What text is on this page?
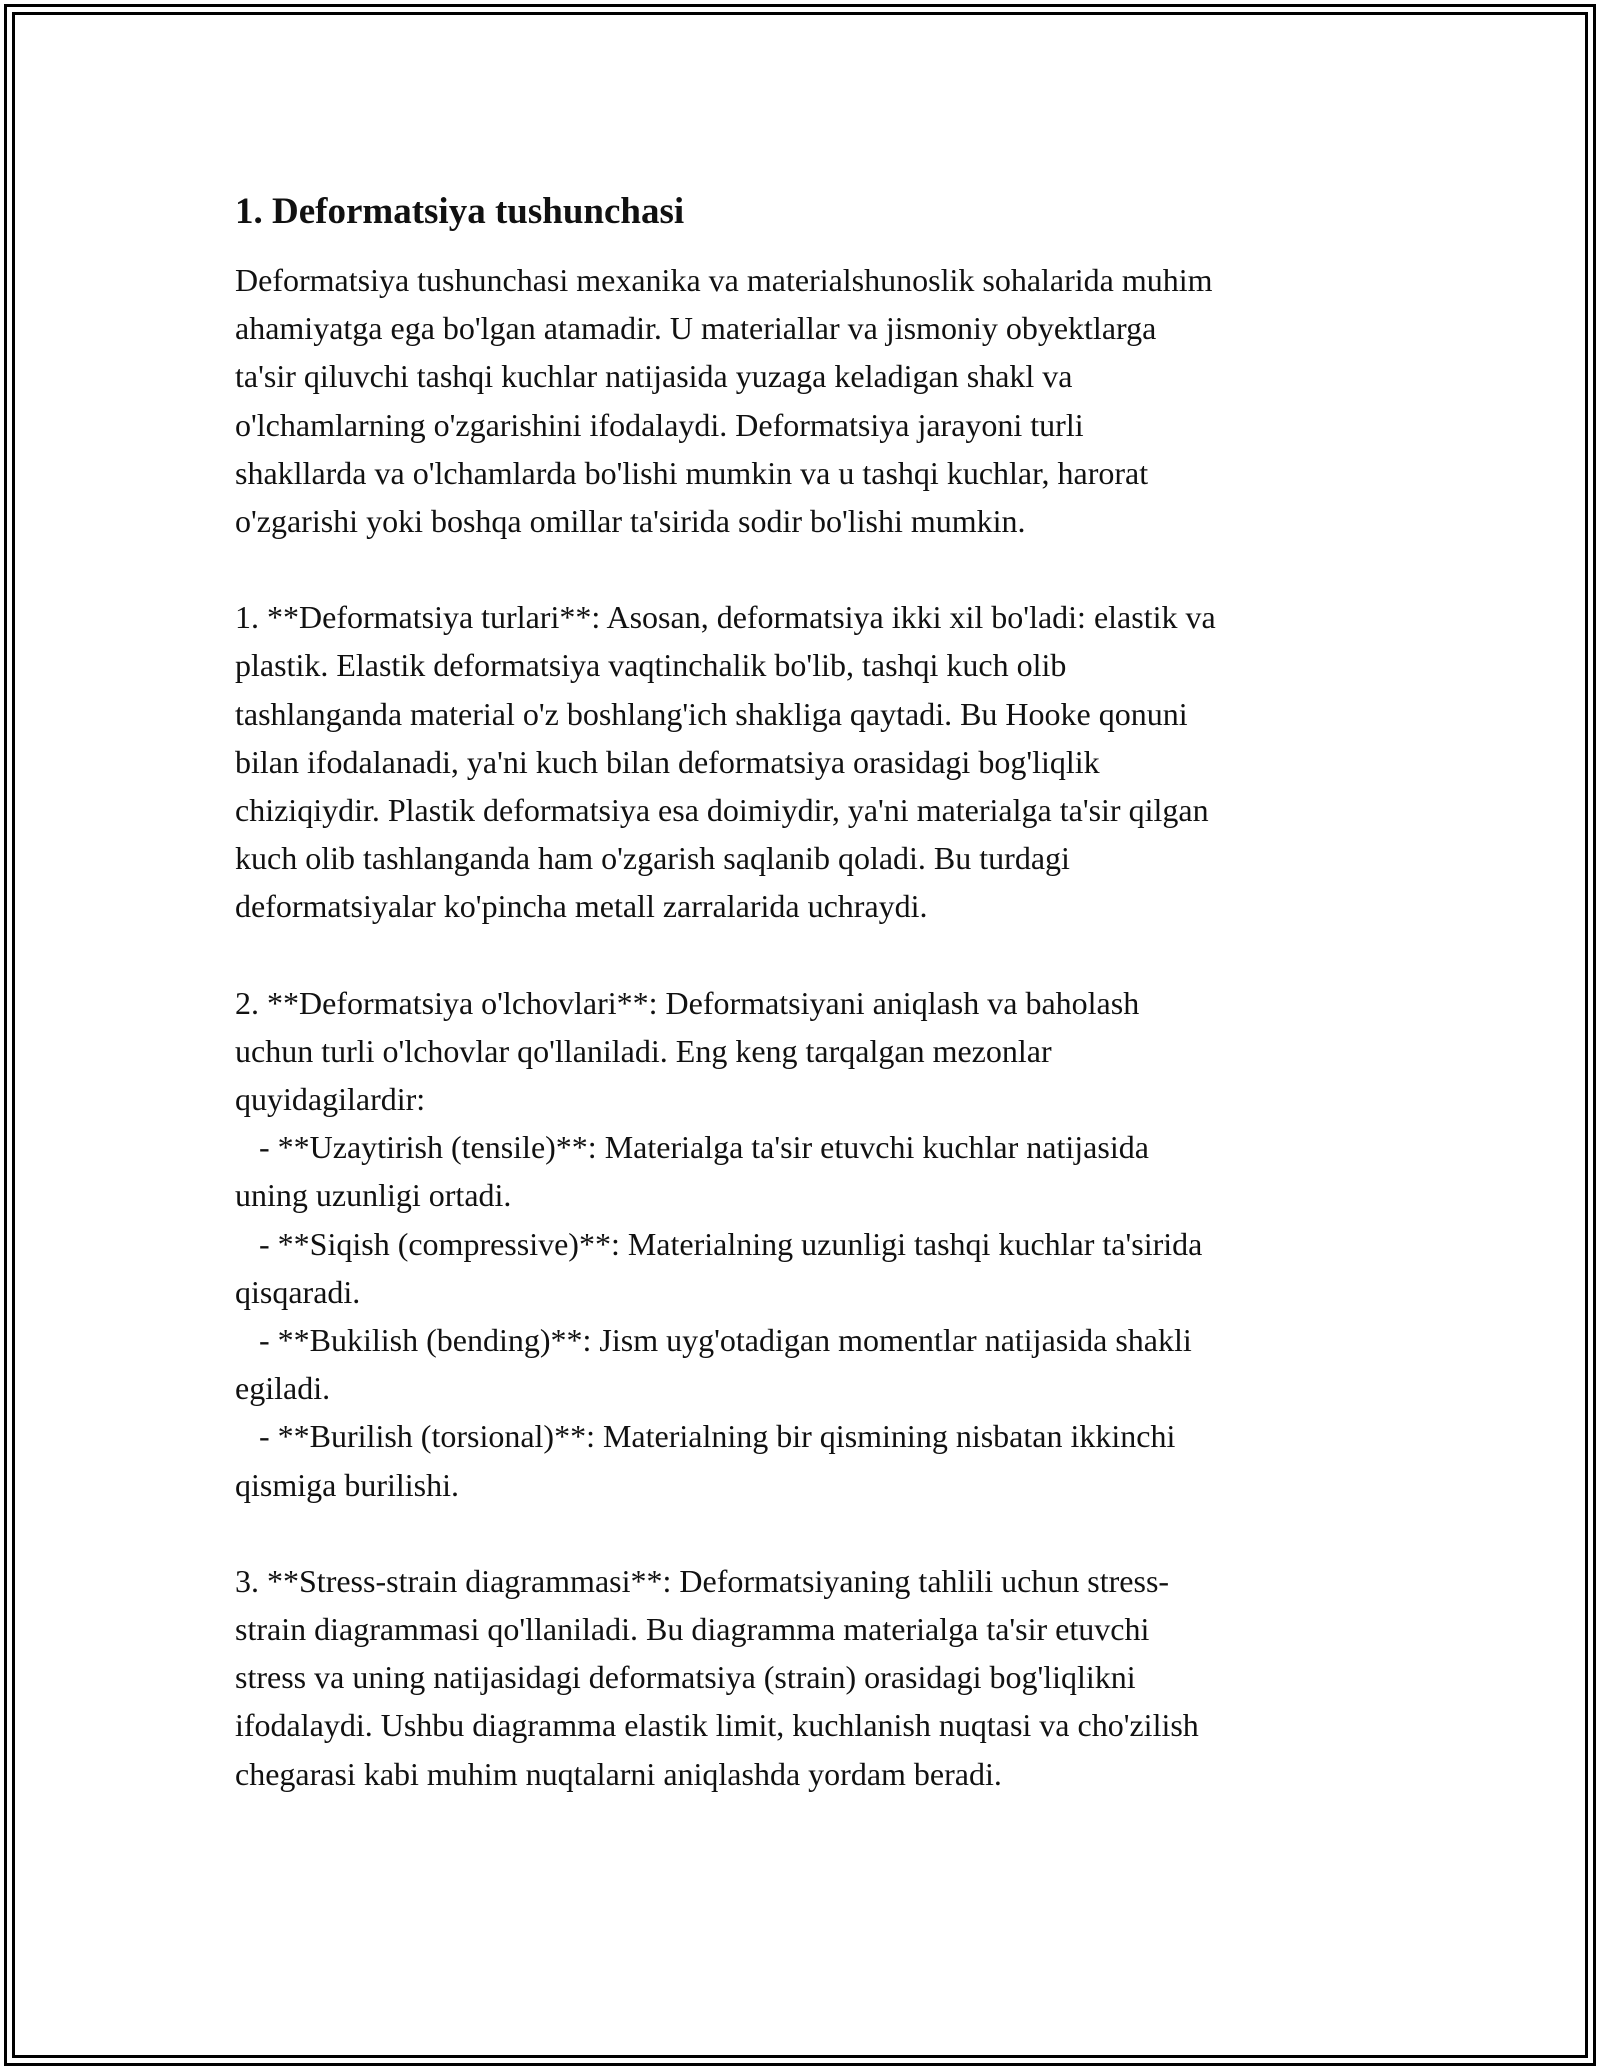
1. Deformatsiya tushunchasi

Deformatsiya tushunchasi mexanika va materialshunoslik sohalarida muhim
ahamiyatga ega bo'lgan atamadir. U materiallar va jismoniy obyektlarga
ta'sir qiluvchi tashqi kuchlar natijasida yuzaga keladigan shakl va
o'lchamlarning o'zgarishini ifodalaydi. Deformatsiya jarayoni turli
shakllarda va o'lchamlarda bo'lishi mumkin va u tashqi kuchlar, harorat
o'zgarishi yoki boshqa omillar ta'sirida sodir bo'lishi mumkin.

1. **Deformatsiya turlari**: Asosan, deformatsiya ikki xil bo'ladi: elastik va
plastik. Elastik deformatsiya vaqtinchalik bo'lib, tashqi kuch olib
tashlanganda material o'z boshlang'ich shakliga qaytadi. Bu Hooke qonuni
bilan ifodalanadi, ya'ni kuch bilan deformatsiya orasidagi bog'liqlik
chiziqiydir. Plastik deformatsiya esa doimiydir, ya'ni materialga ta'sir qilgan
kuch olib tashlanganda ham o'zgarish saqlanib qoladi. Bu turdagi
deformatsiyalar ko'pincha metall zarralarida uchraydi.

2. **Deformatsiya o'lchovlari**: Deformatsiyani aniqlash va baholash
uchun turli o'lchovlar qo'llaniladi. Eng keng tarqalgan mezonlar
quyidagilardir:
- **Uzaytirish (tensile)**: Materialga ta'sir etuvchi kuchlar natijasida
uning uzunligi ortadi.
- **Siqish (compressive)**: Materialning uzunligi tashqi kuchlar ta'sirida
qisqaradi.
- **Bukilish (bending)**: Jism uyg'otadigan momentlar natijasida shakli
egiladi.
- **Burilish (torsional)**: Materialning bir qismining nisbatan ikkinchi
qismiga burilishi.

3. **Stress-strain diagrammasi**: Deformatsiyaning tahlili uchun stress-
strain diagrammasi qo'llaniladi. Bu diagramma materialga ta'sir etuvchi
stress va uning natijasidagi deformatsiya (strain) orasidagi bog'liqlikni
ifodalaydi. Ushbu diagramma elastik limit, kuchlanish nuqtasi va cho'zilish
chegarasi kabi muhim nuqtalarni aniqlashda yordam beradi.
